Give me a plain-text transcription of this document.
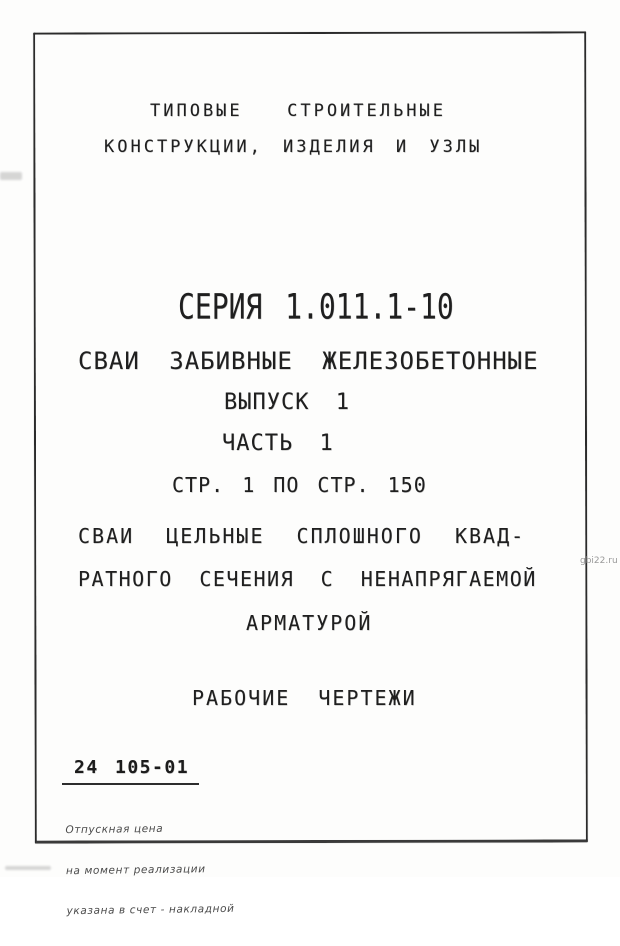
ТИПОВЫЕ  СТРОИТЕЛЬНЫЕ
КОНСТРУКЦИИ, ИЗДЕЛИЯ И УЗЛЫ
СЕРИЯ 1.011.1-10
СВАИ ЗАБИВНЫЕ ЖЕЛЕЗОБЕТОННЫЕ
ВЫПУСК 1
ЧАСТЬ 1
СТР. 1 ПО СТР. 150
СВАИ ЦЕЛЬНЫЕ СПЛОШНОГО КВАД-
РАТНОГО СЕЧЕНИЯ С НЕНАПРЯГАЕМОЙ
АРМАТУРОЙ
РАБОЧИЕ ЧЕРТЕЖИ
24 105-01

Отпускная цена

на момент реализации

указана в счет - накладной

gbi22.ru
